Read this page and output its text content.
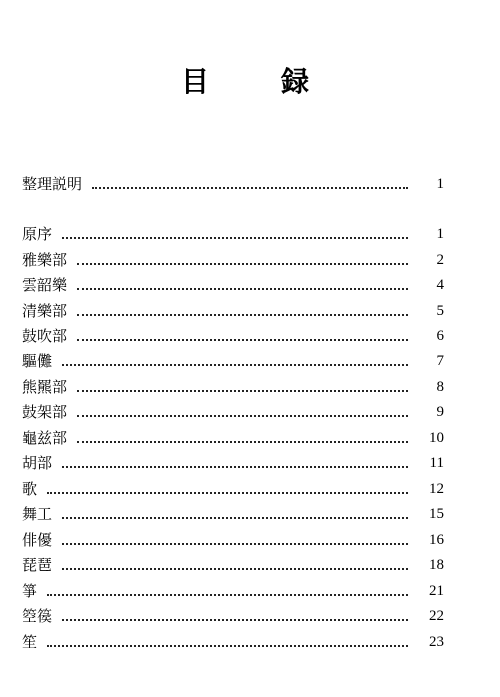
目　録
整理説明	1
原序	1
雅樂部	2
雲韶樂	4
清樂部	5
鼓吹部	6
驅儺	7
熊羆部	8
鼓架部	9
龜兹部	10
胡部	11
歌	12
舞工	15
俳優	16
琵琶	18
箏	21
箜篌	22
笙	23
